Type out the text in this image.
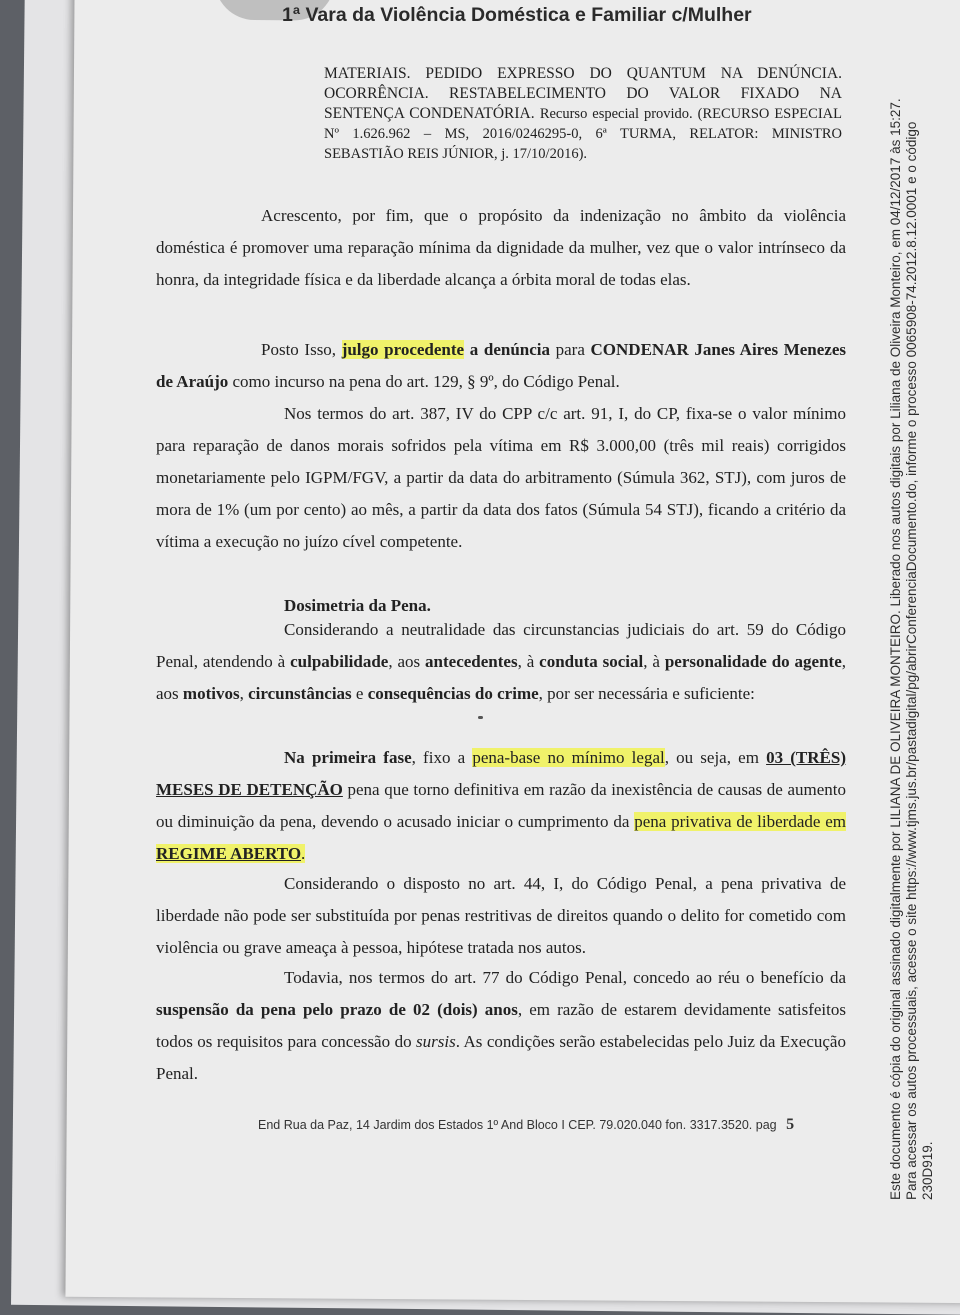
1ª Vara da Violência Doméstica e Familiar c/Mulher
MATERIAIS. PEDIDO EXPRESSO DO QUANTUM NA DENÚNCIA. OCORRÊNCIA. RESTABELECIMENTO DO VALOR FIXADO NA SENTENÇA CONDENATÓRIA. Recurso especial provido. (RECURSO ESPECIAL Nº 1.626.962 – MS, 2016/0246295-0, 6ª TURMA, RELATOR: MINISTRO SEBASTIÃO REIS JÚNIOR, j. 17/10/2016).
Acrescento, por fim, que o propósito da indenização no âmbito da violência doméstica é promover uma reparação mínima da dignidade da mulher, vez que o valor intrínseco da honra, da integridade física e da liberdade alcança a órbita moral de todas elas.
Posto Isso, julgo procedente a denúncia para CONDENAR Janes Aires Menezes de Araújo como incurso na pena do art. 129, § 9º, do Código Penal.
Nos termos do art. 387, IV do CPP c/c art. 91, I, do CP, fixa-se o valor mínimo para reparação de danos morais sofridos pela vítima em R$ 3.000,00 (três mil reais) corrigidos monetariamente pelo IGPM/FGV, a partir da data do arbitramento (Súmula 362, STJ), com juros de mora de 1% (um por cento) ao mês, a partir da data dos fatos (Súmula 54 STJ), ficando a critério da vítima a execução no juízo cível competente.
Dosimetria da Pena.
Considerando a neutralidade das circunstancias judiciais do art. 59 do Código Penal, atendendo à culpabilidade, aos antecedentes, à conduta social, à personalidade do agente, aos motivos, circunstâncias e consequências do crime, por ser necessária e suficiente:
Na primeira fase, fixo a pena-base no mínimo legal, ou seja, em 03 (TRÊS) MESES DE DETENÇÃO pena que torno definitiva em razão da inexistência de causas de aumento ou diminuição da pena, devendo o acusado iniciar o cumprimento da pena privativa de liberdade em REGIME ABERTO.
Considerando o disposto no art. 44, I, do Código Penal, a pena privativa de liberdade não pode ser substituída por penas restritivas de direitos quando o delito for cometido com violência ou grave ameaça à pessoa, hipótese tratada nos autos.
Todavia, nos termos do art. 77 do Código Penal, concedo ao réu o benefício da suspensão da pena pelo prazo de 02 (dois) anos, em razão de estarem devidamente satisfeitos todos os requisitos para concessão do sursis. As condições serão estabelecidas pelo Juiz da Execução Penal.
End Rua da Paz, 14 Jardim dos Estados 1º And Bloco I CEP. 79.020.040 fon. 3317.3520. pag 5	Este documento é cópia do original assinado digitalmente por LILIANA DE OLIVEIRA MONTEIRO. Liberado nos autos digitais por Liliana de Oliveira Monteiro, em 04/12/2017 às 15:27. Para acessar os autos processuais, acesse o site https://www.tjms.jus.br/pastadigital/pg/abrirConferenciaDocumento.do, informe o processo 0065908-74.2012.8.12.0001 e o código 230D919.
